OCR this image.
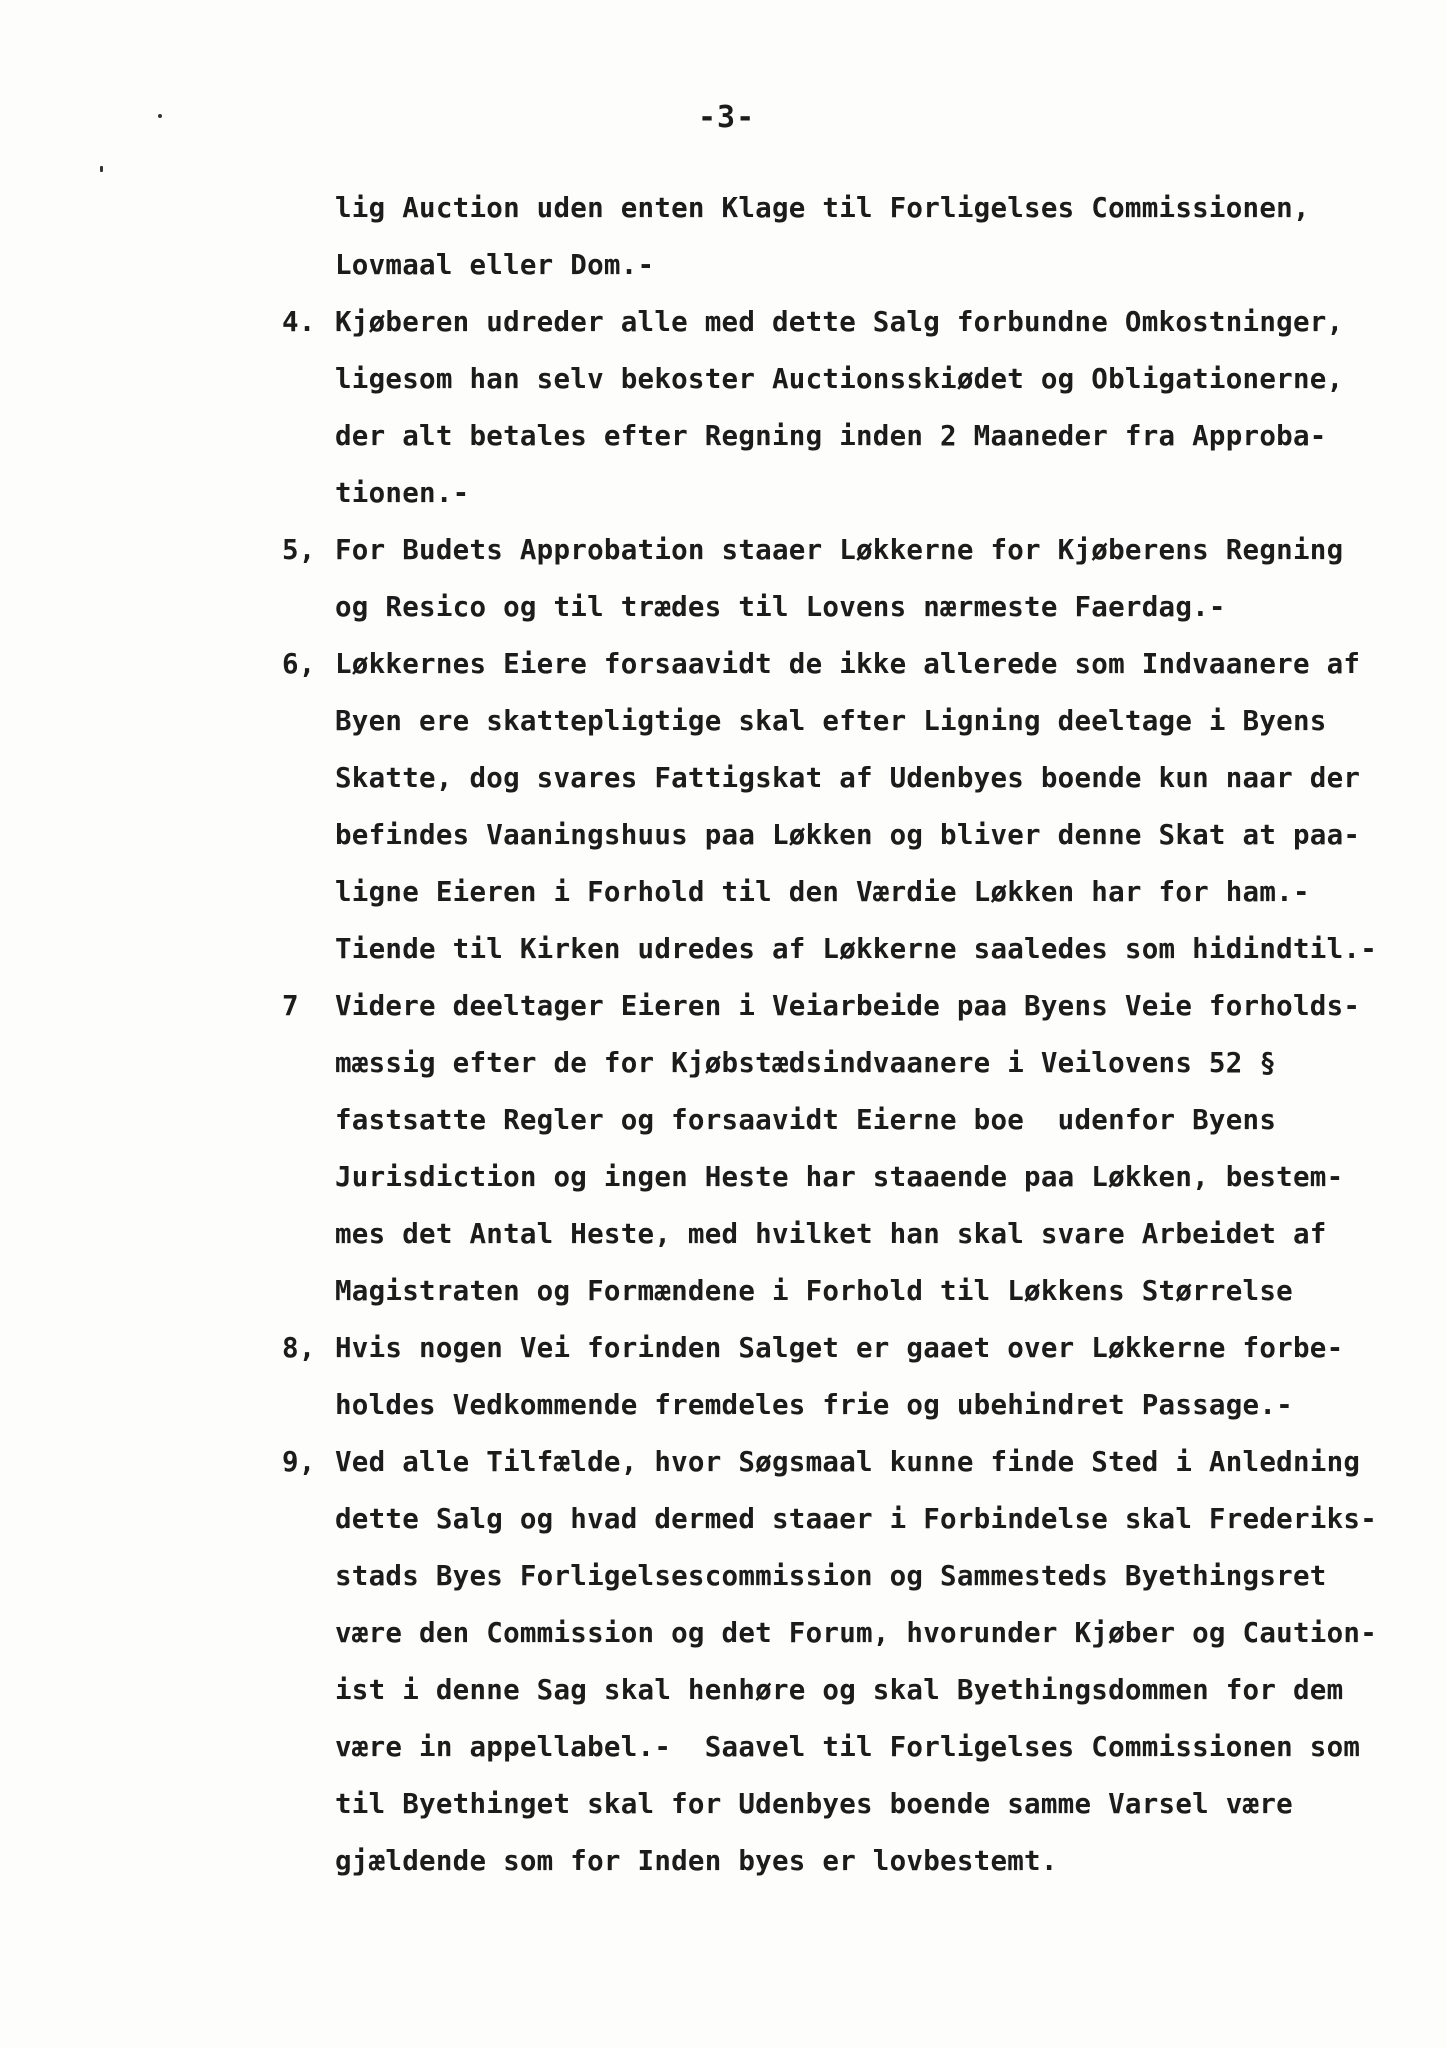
-3-
lig Auction uden enten Klage til Forligelses Commissionen,
Lovmaal eller Dom.-
4. Kjøberen udreder alle med dette Salg forbundne Omkostninger,
ligesom han selv bekoster Auctionsskiødet og Obligationerne,
der alt betales efter Regning inden 2 Maaneder fra Approba-
tionen.-
5, For Budets Approbation staaer Løkkerne for Kjøberens Regning
og Resico og til trædes til Lovens nærmeste Faerdag.-
6, Løkkernes Eiere forsaavidt de ikke allerede som Indvaanere af
Byen ere skattepligtige skal efter Ligning deeltage i Byens
Skatte, dog svares Fattigskat af Udenbyes boende kun naar der
befindes Vaaningshuus paa Løkken og bliver denne Skat at paa-
ligne Eieren i Forhold til den Værdie Løkken har for ham.-
Tiende til Kirken udredes af Løkkerne saaledes som hidindtil.-
7 Videre deeltager Eieren i Veiarbeide paa Byens Veie forholds-
mæssig efter de for Kjøbstædsindvaanere i Veilovens 52 §
fastsatte Regler og forsaavidt Eierne boe  udenfor Byens
Jurisdiction og ingen Heste har staaende paa Løkken, bestem-
mes det Antal Heste, med hvilket han skal svare Arbeidet af
Magistraten og Formændene i Forhold til Løkkens Størrelse
8, Hvis nogen Vei forinden Salget er gaaet over Løkkerne forbe-
holdes Vedkommende fremdeles frie og ubehindret Passage.-
9, Ved alle Tilfælde, hvor Søgsmaal kunne finde Sted i Anledning
dette Salg og hvad dermed staaer i Forbindelse skal Frederiks-
stads Byes Forligelsescommission og Sammesteds Byethingsret
være den Commission og det Forum, hvorunder Kjøber og Caution-
ist i denne Sag skal henhøre og skal Byethingsdommen for dem
være in appellabel.-  Saavel til Forligelses Commissionen som
til Byethinget skal for Udenbyes boende samme Varsel være
gjældende som for Inden byes er lovbestemt.
